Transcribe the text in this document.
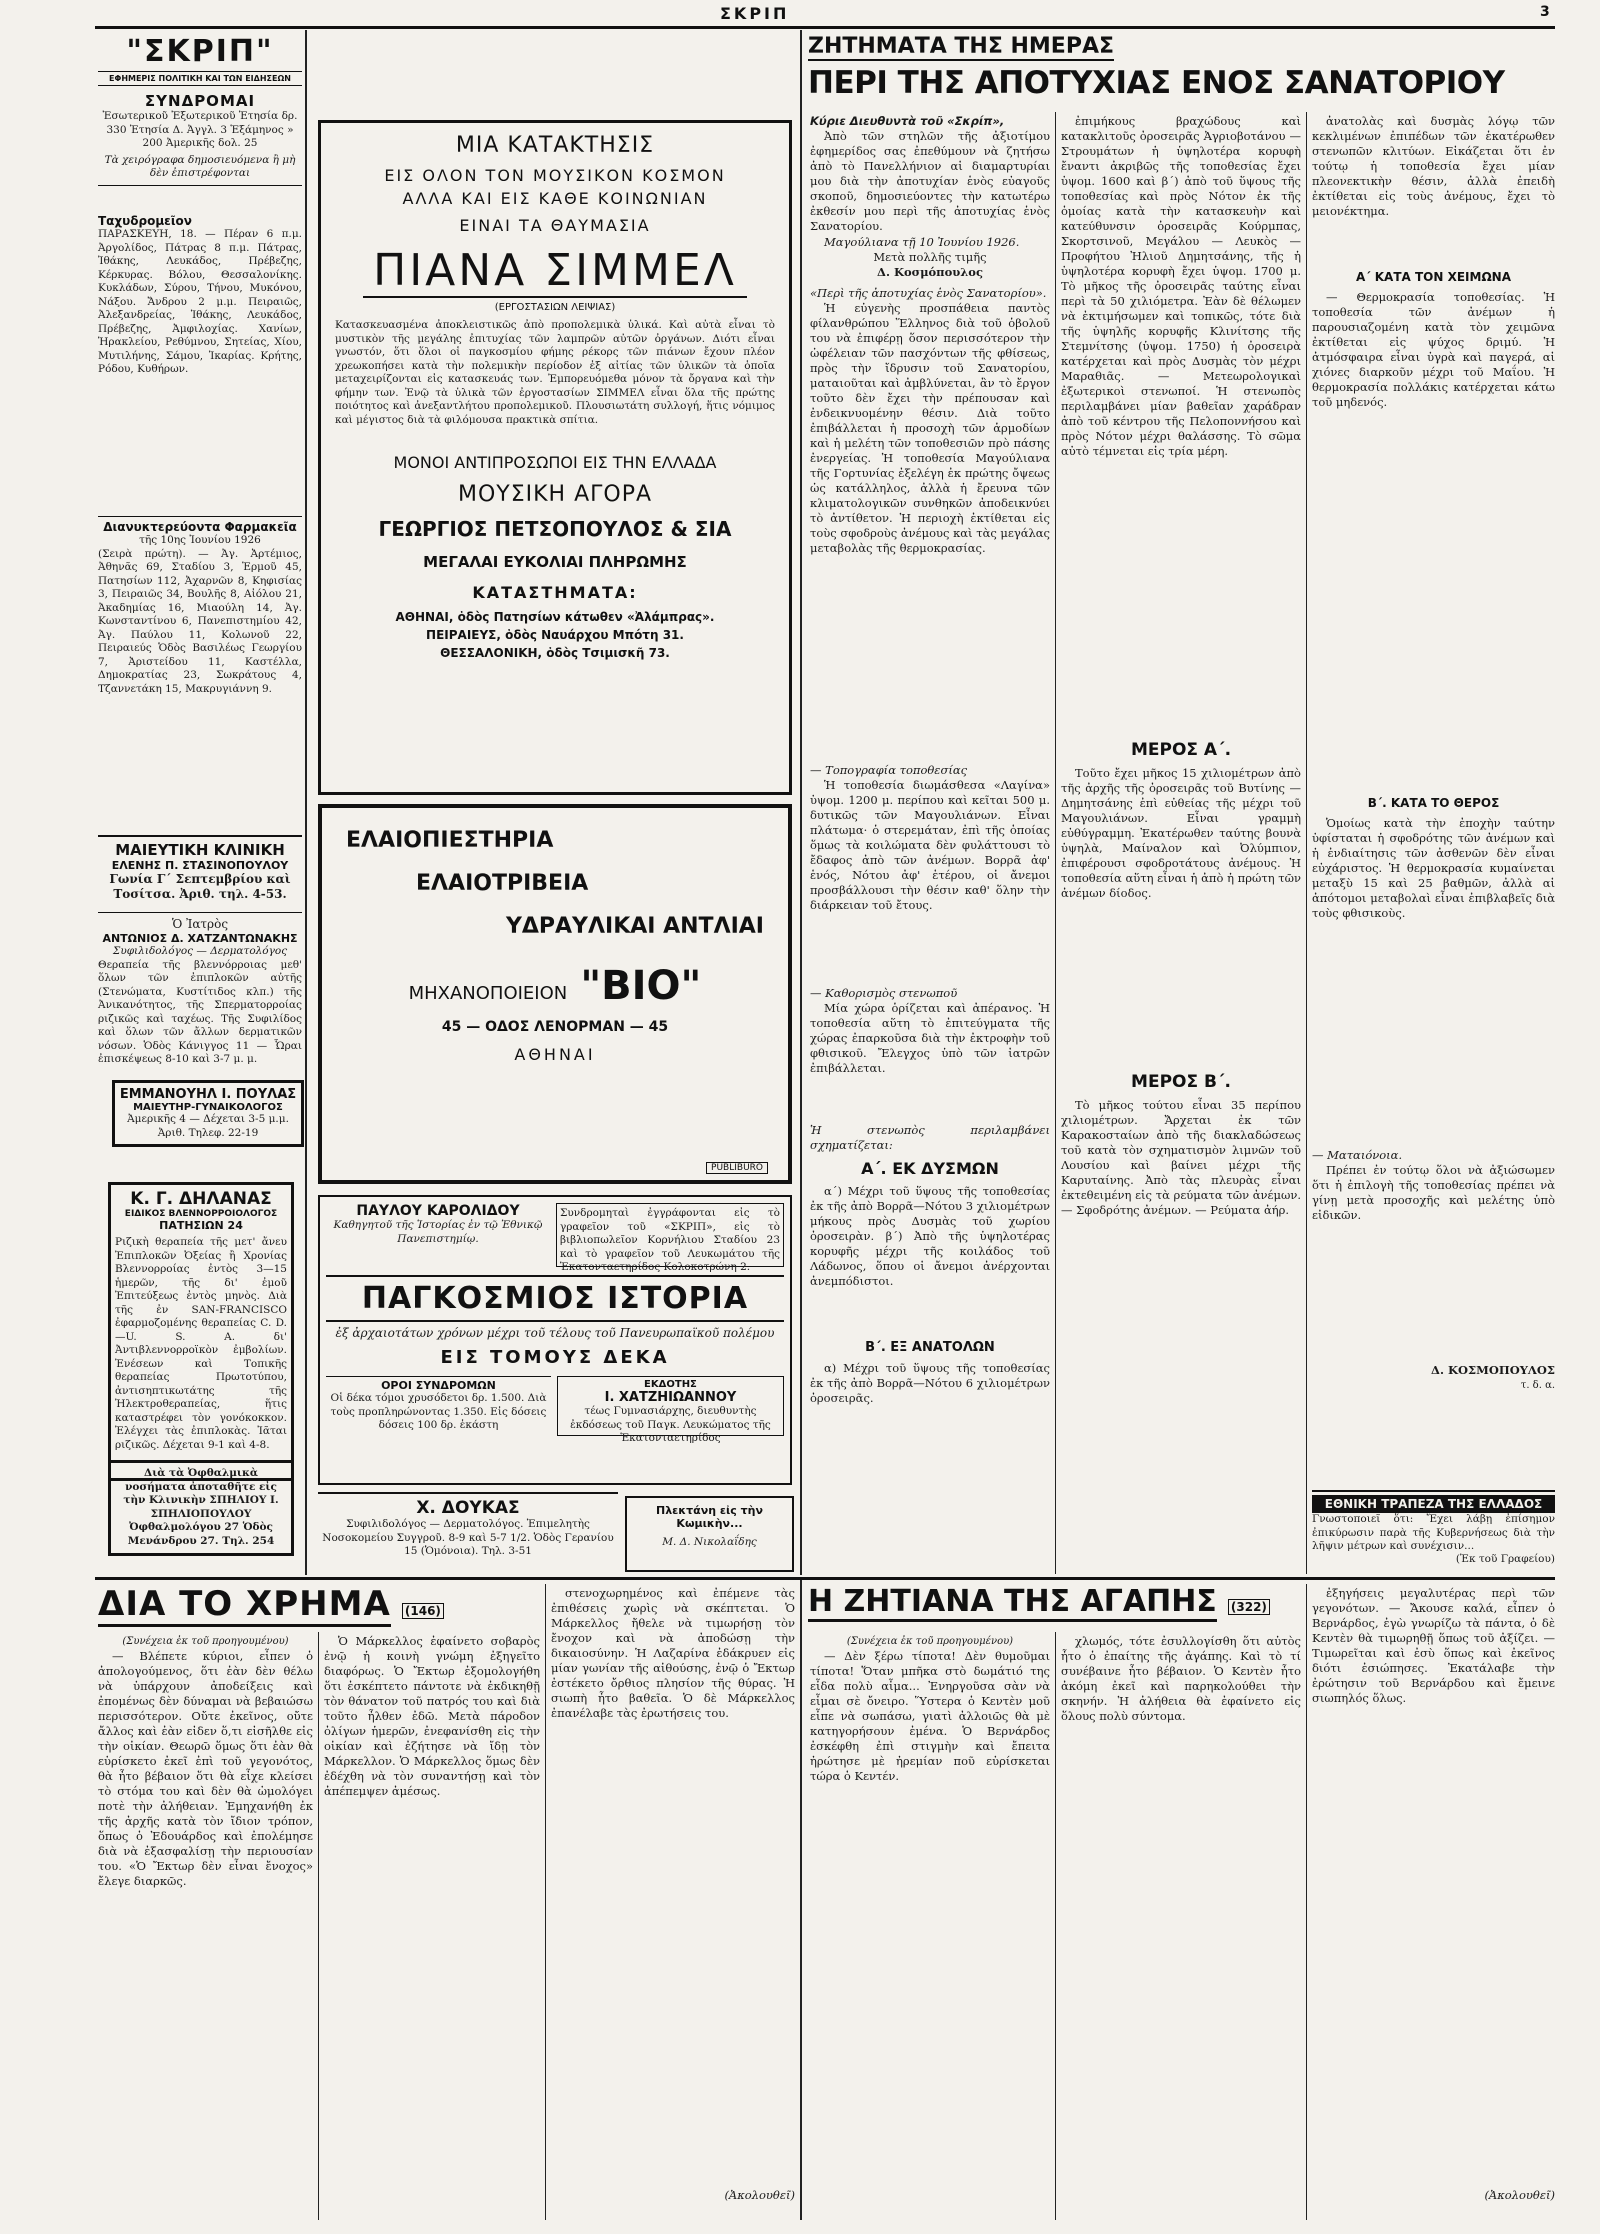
ΣΚΡΙΠ	3
"ΣΚΡΙΠ"
ΕΦΗΜΕΡΙΣ ΠΟΛΙΤΙΚΗ ΚΑΙ ΤΩΝ ΕΙΔΗΣΕΩΝ
ΣΥΝΔΡΟΜΑΙ
Ἐσωτερικοῦ Ἐξωτερικοῦ Ἐτησία δρ. 330 Ἐτησία Δ. Ἀγγλ. 3 Ἑξάμηνος » 200 Ἀμερικῆς δολ. 25
Τὰ χειρόγραφα δημοσιευόμενα ἢ μὴ δὲν ἐπιστρέφονται
Ταχυδρομεῖον
ΠΑΡΑΣΚΕΥΗ, 18. — Πέραν 6 π.μ. Ἀργολίδος, Πάτρας 8 π.μ. Πάτρας, Ἰθάκης, Λευκάδος, Πρέβεζης, Κέρκυρας. Βόλου, Θεσσαλονίκης. Κυκλάδων, Σύρου, Τήνου, Μυκόνου, Νάξου. Ἄνδρου 2 μ.μ. Πειραιῶς, Ἀλεξανδρείας, Ἰθάκης, Λευκάδος, Πρέβεζης, Ἀμφιλοχίας. Χανίων, Ἡρακλείου, Ρεθύμνου, Σητείας, Χίου, Μυτιλήνης, Σάμου, Ἰκαρίας. Κρήτης, Ρόδου, Κυθήρων.
Διανυκτερεύοντα Φαρμακεῖα
τῆς 10ης Ἰουνίου 1926
(Σειρὰ πρώτη). — Ἀγ. Ἀρτέμιος, Ἀθηνᾶς 69, Σταδίου 3, Ἑρμοῦ 45, Πατησίων 112, Ἀχαρνῶν 8, Κηφισίας 3, Πειραιῶς 34, Βουλῆς 8, Αἰόλου 21, Ἀκαδημίας 16, Μιαούλη 14, Ἀγ. Κωνσταντίνου 6, Πανεπιστημίου 42, Ἀγ. Παύλου 11, Κολωνοῦ 22, Πειραιεύς Ὁδὸς Βασιλέως Γεωργίου 7, Ἀριστείδου 11, Καστέλλα, Δημοκρατίας 23, Σωκράτους 4, Τζαννετάκη 15, Μακρυγιάννη 9.
ΜΑΙΕΥΤΙΚΗ ΚΛΙΝΙΚΗ
ΕΛΕΝΗΣ Π. ΣΤΑΣΙΝΟΠΟΥΛΟΥ
Γωνία Γ΄ Σεπτεμβρίου καὶ Τοσίτσα. Ἀριθ. τηλ. 4-53.
Ὁ Ἰατρὸς
ΑΝΤΩΝΙΟΣ Δ. ΧΑΤΖΑΝΤΩΝΑΚΗΣ
Συφιλιδολόγος — Δερματολόγος
Θεραπεία τῆς βλεννόρροιας μεθ' ὅλων τῶν ἐπιπλοκῶν αὐτῆς (Στενώματα, Κυστίτιδος κλπ.) τῆς Ἀνικανότητος, τῆς Σπερματορροίας ριζικῶς καὶ ταχέως. Τῆς Συφιλίδος καὶ ὅλων τῶν ἄλλων δερματικῶν νόσων. Ὁδὸς Κάνιγγος 11 — Ὧραι ἐπισκέψεως 8-10 καὶ 3-7 μ. μ.
ΕΜΜΑΝΟΥΗΛ Ι. ΠΟΥΛΑΣ
ΜΑΙΕΥΤΗΡ-ΓΥΝΑΙΚΟΛΟΓΟΣ
Ἀμερικῆς 4 — Δέχεται 3-5 μ.μ. Ἀριθ. Τηλεφ. 22-19
Κ. Γ. ΔΗΛΑΝΑΣ
ΕΙΔΙΚΟΣ ΒΛΕΝΝΟΡΡΟΙΟΛΟΓΟΣ
ΠΑΤΗΣΙΩΝ 24
Ριζικὴ θεραπεία τῆς μετ' ἄνευ Ἐπιπλοκῶν Ὀξείας ἢ Χρονίας Βλεννορροίας ἐντὸς 3—15 ἡμερῶν, τῆς δι' ἐμοῦ Ἐπιτεύξεως ἐντὸς μηνὸς. Διὰ τῆς ἐν SAN-FRANCISCO ἐφαρμοζομένης θεραπείας C. D.—U. S. A. δι' Ἀντιβλεννορροϊκὸν ἐμβολίων. Ἐνέσεων καὶ Τοπικῆς θεραπείας Πρωτοτύπου, ἀντισηπτικωτάτης τῆς Ἠλεκτροθεραπείας, ἥτις καταστρέφει τὸν γονόκοκκον. Ἐλέγχει τὰς ἐπιπλοκὰς. Ἰᾶται ριζικῶς. Δέχεται 9-1 καὶ 4-8.
Διὰ τὰ Ὀφθαλμικὰ νοσήματα ἀποταθῆτε εἰς τὴν Κλινικὴν ΣΠΗΛΙΟΥ Ι. ΣΠΗΛΙΟΠΟΥΛΟΥ Ὀφθαλμολόγου 27 Ὁδὸς Μενάνδρου 27. Τηλ. 254
ΜΙΑ ΚΑΤΑΚΤΗΣΙΣ
ΕΙΣ ΟΛΟΝ ΤΟΝ ΜΟΥΣΙΚΟΝ ΚΟΣΜΟΝ
ΑΛΛΑ ΚΑΙ ΕΙΣ ΚΑΘΕ ΚΟΙΝΩΝΙΑΝ
ΕΙΝΑΙ ΤΑ ΘΑΥΜΑΣΙΑ
ΠΙΑΝΑ ΣΙΜΜΕΛ
(ΕΡΓΟΣΤΑΣΙΩΝ ΛΕΙΨΙΑΣ)
Κατασκευασμένα ἀποκλειστικῶς ἀπὸ προπολεμικὰ ὑλικά. Καὶ αὐτὰ εἶναι τὸ μυστικὸν τῆς μεγάλης ἐπιτυχίας τῶν λαμπρῶν αὐτῶν ὀργάνων. Διότι εἶναι γνωστόν, ὅτι ὅλοι οἱ παγκοσμίου φήμης ρέκορς τῶν πιάνων ἔχουν πλέον χρεωκοπήσει κατὰ τὴν πολεμικὴν περίοδον ἐξ αἰτίας τῶν ὑλικῶν τὰ ὁποῖα μεταχειρίζονται εἰς κατασκευάς των. Ἐμπορευόμεθα μόνον τὰ ὄργανα καὶ τὴν φήμην των. Ἐνῷ τὰ ὑλικὰ τῶν ἐργοστασίων ΣΙΜΜΕΛ εἶναι ὅλα τῆς πρώτης ποιότητος καὶ ἀνεξαντλήτου προπολεμικοῦ. Πλουσιωτάτη συλλογή, ἥτις νόμιμος καὶ μέγιστος διὰ τὰ φιλόμουσα πρακτικὰ σπίτια.
ΜΟΝΟΙ ΑΝΤΙΠΡΟΣΩΠΟΙ ΕΙΣ ΤΗΝ ΕΛΛΑΔΑ
ΜΟΥΣΙΚΗ ΑΓΟΡΑ
ΓΕΩΡΓΙΟΣ ΠΕΤΣΟΠΟΥΛΟΣ & ΣΙΑ
ΜΕΓΑΛΑΙ ΕΥΚΟΛΙΑΙ ΠΛΗΡΩΜΗΣ
ΚΑΤΑΣΤΗΜΑΤΑ:
ΑΘΗΝΑΙ, ὁδὸς Πατησίων κάτωθεν «Ἀλάμπρας».
ΠΕΙΡΑΙΕΥΣ, ὁδὸς Ναυάρχου Μπότη 31.
ΘΕΣΣΑΛΟΝΙΚΗ, ὁδὸς Τσιμισκῆ 73.
ΕΛΑΙΟΠΙΕΣΤΗΡΙΑ
ΕΛΑΙΟΤΡΙΒΕΙΑ
ΥΔΡΑΥΛΙΚΑΙ ΑΝΤΛΙΑΙ
ΜΗΧΑΝΟΠΟΙΕΙΟΝ "ΒΙΟ"
45 — ΟΔΟΣ ΛΕΝΟΡΜΑΝ — 45
ΑΘΗΝΑΙ
PUBLIBURO
ΠΑΥΛΟΥ ΚΑΡΟΛΙΔΟΥ
Καθηγητοῦ τῆς Ἱστορίας ἐν τῷ Ἐθνικῷ Πανεπιστημίῳ.
Συνδρομηταὶ ἐγγράφονται εἰς τὸ γραφεῖον τοῦ «ΣΚΡΙΠ», εἰς τὸ βιβλιοπωλεῖον Κορνήλιου Σταδίου 23 καὶ τὸ γραφεῖον τοῦ Λευκωμάτου τῆς Ἑκατονταετηρίδος Κολοκοτρώνη 2.
ΠΑΓΚΟΣΜΙΟΣ ΙΣΤΟΡΙΑ
ἐξ ἀρχαιοτάτων χρόνων μέχρι τοῦ τέλους τοῦ Πανευρωπαϊκοῦ πολέμου
ΕΙΣ ΤΟΜΟΥΣ ΔΕΚΑ
ΟΡΟΙ ΣΥΝΔΡΟΜΩΝ
Οἱ δέκα τόμοι χρυσόδετοι δρ. 1.500. Διὰ τοὺς προπληρώνοντας 1.350. Εἰς δόσεις δόσεις 100 δρ. ἑκάστη
ΕΚΔΟΤΗΣ
Ι. ΧΑΤΖΗΙΩΑΝΝΟΥ
τέως Γυμνασιάρχης, διευθυντὴς ἐκδόσεως τοῦ Παγκ. Λευκώματος τῆς Ἑκατονταετηρίδος
Χ. ΔΟΥΚΑΣ
Συφιλιδολόγος — Δερματολόγος. Ἐπιμελητὴς Νοσοκομείου Συγγροῦ. 8-9 καὶ 5-7 1/2. Ὁδὸς Γερανίου 15 (Ὁμόνοια). Τηλ. 3-51
Πλεκτάνη εἰς τὴν Κωμικὴν...
Μ. Δ. Νικολαΐδης
ΖΗΤΗΜΑΤΑ ΤΗΣ ΗΜΕΡΑΣ
ΠΕΡΙ ΤΗΣ ΑΠΟΤΥΧΙΑΣ ΕΝΟΣ ΣΑΝΑΤΟΡΙΟΥ
Κύριε Διευθυντὰ τοῦ «Σκρίπ»,
Ἀπὸ τῶν στηλῶν τῆς ἀξιοτίμου ἐφημερίδος σας ἐπεθύμουν νὰ ζητήσω ἀπὸ τὸ Πανελλήνιον αἱ διαμαρτυρίαι μου διὰ τὴν ἀποτυχίαν ἑνὸς εὐαγοῦς σκοποῦ, δημοσιεύοντες τὴν κατωτέρω ἐκθεσίν μου περὶ τῆς ἀποτυχίας ἑνὸς Σανατορίου.
Μαγούλιανα τῇ 10 Ἰουνίου 1926.
Μετὰ πολλῆς τιμῆς
Δ. Κοσμόπουλος
«Περὶ τῆς ἀποτυχίας ἑνὸς Σανατορίου».
Ἡ εὐγενὴς προσπάθεια παντὸς φίλανθρώπου Ἕλληνος διὰ τοῦ ὁβολοῦ του νὰ ἐπιφέρῃ ὅσον περισσότερον τὴν ὠφέλειαν τῶν πασχόντων τῆς φθίσεως, πρὸς τὴν ἴδρυσιν τοῦ Σανατορίου, ματαιοῦται καὶ ἀμβλύνεται, ἂν τὸ ἔργον τοῦτο δὲν ἔχει τὴν πρέπουσαν καὶ ἐνδεικνυομένην θέσιν. Διὰ τοῦτο ἐπιβάλλεται ἡ προσοχὴ τῶν ἁρμοδίων καὶ ἡ μελέτη τῶν τοποθεσιῶν πρὸ πάσης ἐνεργείας. Ἡ τοποθεσία Μαγούλιανα τῆς Γορτυνίας ἐξελέγη ἐκ πρώτης ὄψεως ὡς κατάλληλος, ἀλλὰ ἡ ἔρευνα τῶν κλιματολογικῶν συνθηκῶν ἀποδεικνύει τὸ ἀντίθετον. Ἡ περιοχὴ ἐκτίθεται εἰς τοὺς σφοδροὺς ἀνέμους καὶ τὰς μεγάλας μεταβολὰς τῆς θερμοκρασίας.
— Τοπογραφία τοποθεσίας
Ἡ τοποθεσία διωμάσθεσα «Λαγίνα» ὑψομ. 1200 μ. περίπου καὶ κεῖται 500 μ. δυτικῶς τῶν Μαγουλιάνων. Εἶναι πλάτωμα· ὁ στερεμάταν, ἐπὶ τῆς ὁποίας ὅμως τὰ κοιλώματα δὲν φυλάττουσι τὸ ἔδαφος ἀπὸ τῶν ἀνέμων. Βορρᾶ ἀφ' ἑνός, Νότου ἀφ' ἑτέρου, οἱ ἄνεμοι προσβάλλουσι τὴν θέσιν καθ' ὅλην τὴν διάρκειαν τοῦ ἔτους.
— Καθορισμὸς στενωποῦ
Μία χώρα ὁρίζεται καὶ ἀπέρανος. Ἡ τοποθεσία αὕτη τὸ ἐπιτεύγματα τῆς χώρας ἐπαρκοῦσα διὰ τὴν ἐκτροφὴν τοῦ φθισικοῦ. Ἔλεγχος ὑπὸ τῶν ἰατρῶν ἐπιβάλλεται.
Ἡ στενωπὸς περιλαμβάνει σχηματίζεται:
Α΄. ΕΚ ΔΥΣΜΩΝ
α΄) Μέχρι τοῦ ὕψους τῆς τοποθεσίας ἐκ τῆς ἀπὸ Βορρᾶ—Νότου 3 χιλιομέτρων μήκους πρὸς Δυσμὰς τοῦ χωρίου ὀροσειρὰν. β΄) Ἀπὸ τῆς ὑψηλοτέρας κορυφῆς μέχρι τῆς κοιλάδος τοῦ Λάδωνος, ὅπου οἱ ἄνεμοι ἀνέρχονται ἀνεμπόδιστοι.
Β΄. ΕΞ ΑΝΑΤΟΛΩΝ
α) Μέχρι τοῦ ὕψους τῆς τοποθεσίας ἐκ τῆς ἀπὸ Βορρᾶ—Νότου 6 χιλιομέτρων ὀροσειρᾶς.
ἐπιμήκους βραχώδους καὶ κατακλιτοῦς ὀροσειρᾶς Ἀγριοβοτάνου — Στρουμάτων ἡ ὑψηλοτέρα κορυφὴ ἔναντι ἀκριβῶς τῆς τοποθεσίας ἔχει ὑψομ. 1600 καὶ β΄) ἀπὸ τοῦ ὕψους τῆς τοποθεσίας καὶ πρὸς Νότον ἐκ τῆς ὁμοίας κατὰ τὴν κατασκευὴν καὶ κατεύθυνσιν ὀροσειρᾶς Κούρμπας, Σκορτσινοῦ, Μεγάλου — Λευκὸς — Προφήτου Ἠλιοῦ Δημητσάνης, τῆς ἡ ὑψηλοτέρα κορυφὴ ἔχει ὑψομ. 1700 μ. Τὸ μῆκος τῆς ὀροσειρᾶς ταύτης εἶναι περὶ τὰ 50 χιλιόμετρα. Ἐὰν δὲ θέλωμεν νὰ ἐκτιμήσωμεν καὶ τοπικῶς, τότε διὰ τῆς ὑψηλῆς κορυφῆς Κλινίτσης τῆς Στεμνίτσης (ὑψομ. 1750) ἡ ὀροσειρὰ κατέρχεται καὶ πρὸς Δυσμὰς τὸν μέχρι Μαραθιᾶς. — Μετεωρολογικαὶ ἐξωτερικοὶ στενωποί. Ἡ στενωπὸς περιλαμβάνει μίαν βαθεῖαν χαράδραν ἀπὸ τοῦ κέντρου τῆς Πελοποννήσου καὶ πρὸς Νότον μέχρι θαλάσσης. Τὸ σῶμα αὐτὸ τέμνεται εἰς τρία μέρη.
ΜΕΡΟΣ Α΄.
Τοῦτο ἔχει μῆκος 15 χιλιομέτρων ἀπὸ τῆς ἀρχῆς τῆς ὀροσειρᾶς τοῦ Βυτίνης — Δημητσάνης ἐπὶ εὐθείας τῆς μέχρι τοῦ Μαγουλιάνων. Εἶναι γραμμὴ εὐθύγραμμη. Ἐκατέρωθεν ταύτης βουνὰ ὑψηλὰ, Μαίναλον καὶ Ὀλύμπιον, ἐπιφέρουσι σφοδροτάτους ἀνέμους. Ἡ τοποθεσία αὕτη εἶναι ἡ ἀπὸ ἡ πρώτη τῶν ἀνέμων δίοδος.
ΜΕΡΟΣ Β΄.
Τὸ μῆκος τούτου εἶναι 35 περίπου χιλιομέτρων. Ἄρχεται ἐκ τῶν Καρακοσταίων ἀπὸ τῆς διακλαδώσεως τοῦ κατὰ τὸν σχηματισμὸν λιμνῶν τοῦ Λουσίου καὶ βαίνει μέχρι τῆς Καρυταίνης. Ἀπὸ τὰς πλευρὰς εἶναι ἐκτεθειμένη εἰς τὰ ρεύματα τῶν ἀνέμων. — Σφοδρότης ἀνέμων. — Ρεύματα ἀήρ.
ἀνατολὰς καὶ δυσμὰς λόγῳ τῶν κεκλιμένων ἐπιπέδων τῶν ἑκατέρωθεν στενωπῶν κλιτύων. Εἰκάζεται ὅτι ἐν τούτῳ ἡ τοποθεσία ἔχει μίαν πλεονεκτικὴν θέσιν, ἀλλὰ ἐπειδὴ ἐκτίθεται εἰς τοὺς ἀνέμους, ἔχει τὸ μειονέκτημα.
Α΄ ΚΑΤΑ ΤΟΝ ΧΕΙΜΩΝΑ
— Θερμοκρασία τοποθεσίας. Ἡ τοποθεσία τῶν ἀνέμων ἡ παρουσιαζομένη κατὰ τὸν χειμῶνα ἐκτίθεται εἰς ψύχος δριμύ. Ἡ ἀτμόσφαιρα εἶναι ὑγρὰ καὶ παγερά, αἱ χιόνες διαρκοῦν μέχρι τοῦ Μαΐου. Ἡ θερμοκρασία πολλάκις κατέρχεται κάτω τοῦ μηδενός.
Β΄. ΚΑΤΑ ΤΟ ΘΕΡΟΣ
Ὁμοίως κατὰ τὴν ἐποχὴν ταύτην ὑφίσταται ἡ σφοδρότης τῶν ἀνέμων καὶ ἡ ἐνδιαίτησις τῶν ἀσθενῶν δὲν εἶναι εὐχάριστος. Ἡ θερμοκρασία κυμαίνεται μεταξὺ 15 καὶ 25 βαθμῶν, ἀλλὰ αἱ ἀπότομοι μεταβολαὶ εἶναι ἐπιβλαβεῖς διὰ τοὺς φθισικοὺς.
— Ματαιόνοια.
Πρέπει ἐν τούτῳ ὅλοι νὰ ἀξιώσωμεν ὅτι ἡ ἐπιλογὴ τῆς τοποθεσίας πρέπει νὰ γίνῃ μετὰ προσοχῆς καὶ μελέτης ὑπὸ εἰδικῶν.
Δ. ΚΟΣΜΟΠΟΥΛΟΣ
τ. δ. α.
ΕΘΝΙΚΗ ΤΡΑΠΕΖΑ ΤΗΣ ΕΛΛΑΔΟΣ
Γνωστοποιεῖ ὅτι: Ἔχει λάβῃ ἐπίσημον ἐπικύρωσιν παρὰ τῆς Κυβερνήσεως διὰ τὴν λῆψιν μέτρων καὶ συνέχισιν...
(Ἐκ τοῦ Γραφείου)
ΔΙΑ ΤΟ ΧΡΗΜΑ (146)
(Συνέχεια ἐκ τοῦ προηγουμένου)
— Βλέπετε κύριοι, εἶπεν ὁ ἀπολογούμενος, ὅτι ἐὰν δὲν θέλω νὰ ὑπάρχουν ἀποδείξεις καὶ ἐπομένως δὲν δύναμαι νὰ βεβαιώσω περισσότερον. Οὔτε ἐκεῖνος, οὔτε ἄλλος καὶ ἐὰν εἰδεν ὅ,τι εἰσῆλθε εἰς τὴν οἰκίαν. Θεωρῶ ὅμως ὅτι ἐὰν θὰ εὑρίσκετο ἐκεῖ ἐπὶ τοῦ γεγονότος, θὰ ἦτο βέβαιον ὅτι θὰ εἶχε κλείσει τὸ στόμα του καὶ δὲν θὰ ὡμολόγει ποτὲ τὴν ἀλήθειαν. Ἐμηχανήθη ἐκ τῆς ἀρχῆς κατὰ τὸν ἴδιον τρόπον, ὅπως ὁ Ἐδουάρδος καὶ ἐπολέμησε διὰ νὰ ἐξασφαλίσῃ τὴν περιουσίαν του. «Ὁ Ἔκτωρ δὲν εἶναι ἔνοχος» ἔλεγε διαρκῶς.
Ὁ Μάρκελλος ἐφαίνετο σοβαρὸς ἐνῷ ἡ κοινὴ γνώμη ἐξηγεῖτο διαφόρως. Ὁ Ἔκτωρ ἐξομολογήθη ὅτι ἐσκέπτετο πάντοτε νὰ ἐκδικηθῇ τὸν θάνατον τοῦ πατρός του καὶ διὰ τοῦτο ἦλθεν ἐδῶ. Μετὰ πάροδον ὀλίγων ἡμερῶν, ἐνεφανίσθη εἰς τὴν οἰκίαν καὶ ἐζήτησε νὰ ἴδῃ τὸν Μάρκελλον. Ὁ Μάρκελλος ὅμως δὲν ἐδέχθη νὰ τὸν συναντήσῃ καὶ τὸν ἀπέπεμψεν ἀμέσως.
στενοχωρημένος καὶ ἐπέμενε τὰς ἐπιθέσεις χωρὶς νὰ σκέπτεται. Ὁ Μάρκελλος ἤθελε νὰ τιμωρήσῃ τὸν ἔνοχον καὶ νὰ ἀποδώσῃ τὴν δικαιοσύνην. Ἡ Λαζαρίνα ἐδάκρυεν εἰς μίαν γωνίαν τῆς αἰθούσης, ἐνῷ ὁ Ἔκτωρ ἐστέκετο ὄρθιος πλησίον τῆς θύρας. Ἡ σιωπὴ ἦτο βαθεῖα. Ὁ δὲ Μάρκελλος ἐπανέλαβε τὰς ἐρωτήσεις του.
(Ἀκολουθεῖ)
Η ΖΗΤΙΑΝΑ ΤΗΣ ΑΓΑΠΗΣ (322)
(Συνέχεια ἐκ τοῦ προηγουμένου)
— Δὲν ξέρω τίποτα! Δὲν θυμοῦμαι τίποτα! Ὅταν μπῆκα στὸ δωμάτιό της εἶδα πολὺ αἷμα... Ἐνηργοῦσα σὰν νὰ εἶμαι σὲ ὄνειρο. Ὕστερα ὁ Κεντὲν μοῦ εἶπε νὰ σωπάσω, γιατὶ ἀλλοιῶς θὰ μὲ κατηγορήσουν ἐμένα. Ὁ Βερνάρδος ἐσκέφθη ἐπὶ στιγμὴν καὶ ἔπειτα ἠρώτησε μὲ ἠρεμίαν ποῦ εὑρίσκεται τώρα ὁ Κεντέν.
χλωμός, τότε ἐσυλλογίσθη ὅτι αὐτὸς ἦτο ὁ ἐπαίτης τῆς ἀγάπης. Καὶ τὸ τί συνέβαινε ἦτο βέβαιον. Ὁ Κεντὲν ἦτο ἀκόμη ἐκεῖ καὶ παρηκολούθει τὴν σκηνήν. Ἡ ἀλήθεια θὰ ἐφαίνετο εἰς ὅλους πολὺ σύντομα.
ἐξηγήσεις μεγαλυτέρας περὶ τῶν γεγονότων. — Ἄκουσε καλά, εἶπεν ὁ Βερνάρδος, ἐγὼ γνωρίζω τὰ πάντα, ὁ δὲ Κεντὲν θὰ τιμωρηθῇ ὅπως τοῦ ἀξίζει. — Τιμωρεῖται καὶ ἐσὺ ὅπως καὶ ἐκεῖνος διότι ἐσιώπησες. Ἐκατάλαβε τὴν ἐρώτησιν τοῦ Βερνάρδου καὶ ἔμεινε σιωπηλός ὅλως.
(Ἀκολουθεῖ)
